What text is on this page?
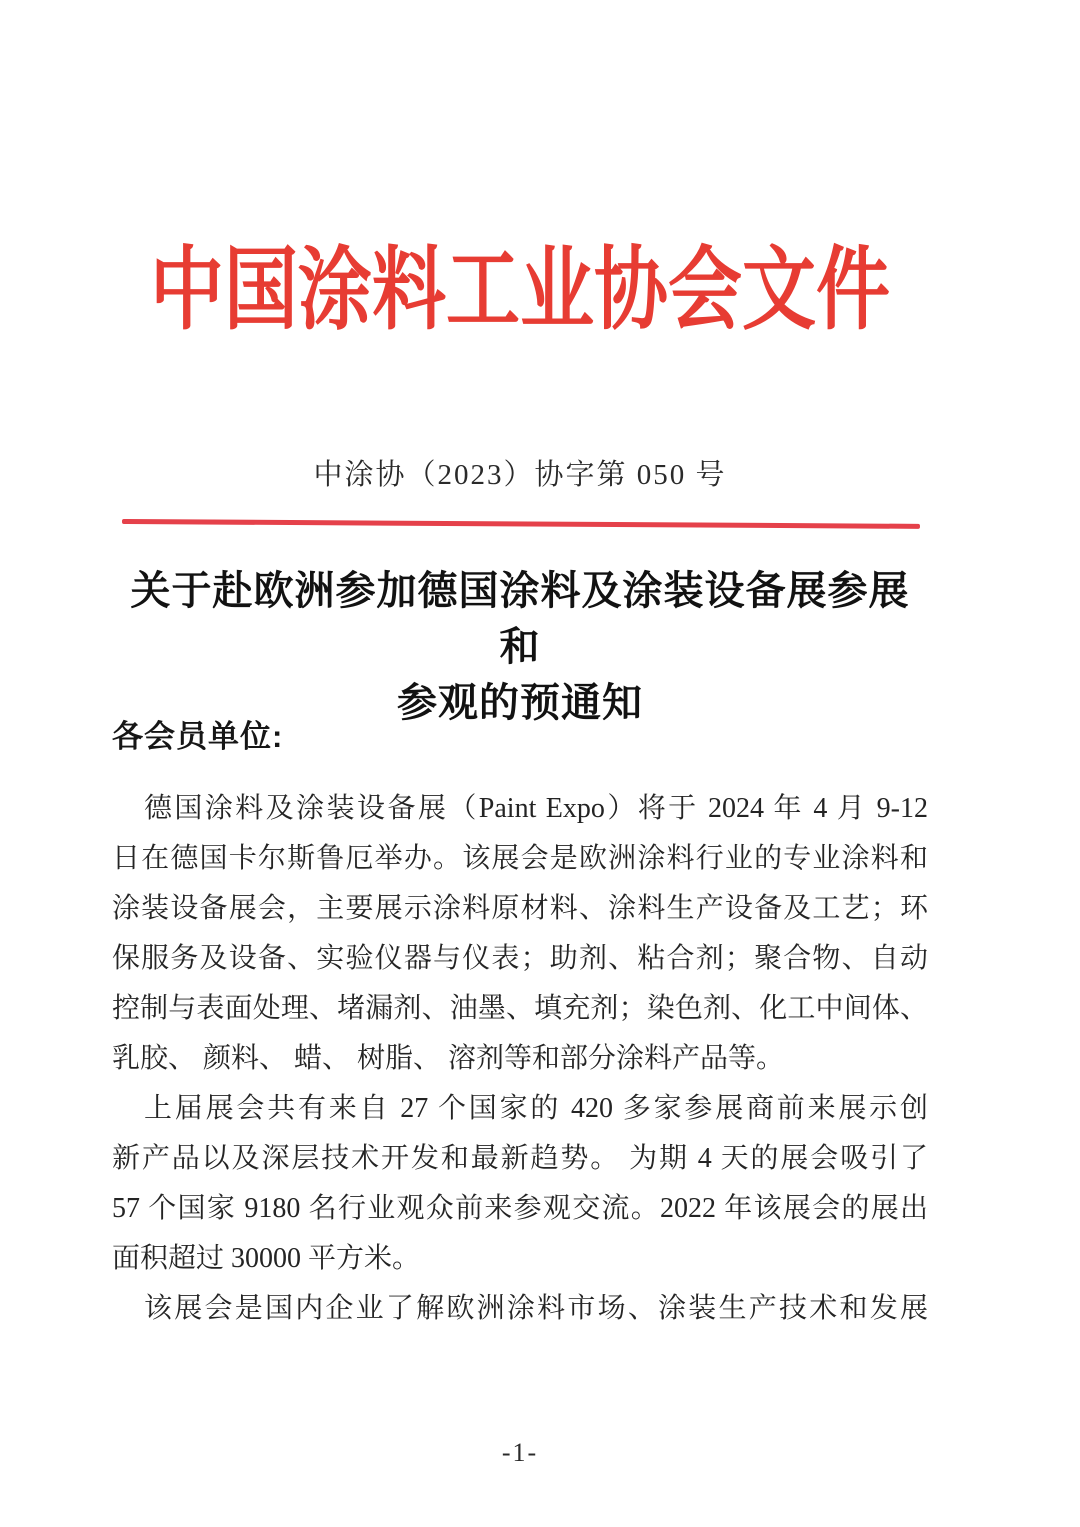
中国涂料工业协会文件
中涂协（2023）协字第 050 号
关于赴欧洲参加德国涂料及涂装设备展参展和
参观的预通知
各会员单位:
德国涂料及涂装设备展（Paint Expo）将于 2024 年 4 月 9-12
日在德国卡尔斯鲁厄举办。该展会是欧洲涂料行业的专业涂料和
涂装设备展会，主要展示涂料原材料、涂料生产设备及工艺；环
保服务及设备、实验仪器与仪表；助剂、粘合剂；聚合物、自动
控制与表面处理、堵漏剂、油墨、填充剂；染色剂、化工中间体、
乳胶、 颜料、 蜡、 树脂、 溶剂等和部分涂料产品等。
上届展会共有来自 27 个国家的 420 多家参展商前来展示创
新产品以及深层技术开发和最新趋势。 为期 4 天的展会吸引了
57 个国家 9180 名行业观众前来参观交流。2022 年该展会的展出
面积超过 30000 平方米。
该展会是国内企业了解欧洲涂料市场、涂装生产技术和发展
-1-
